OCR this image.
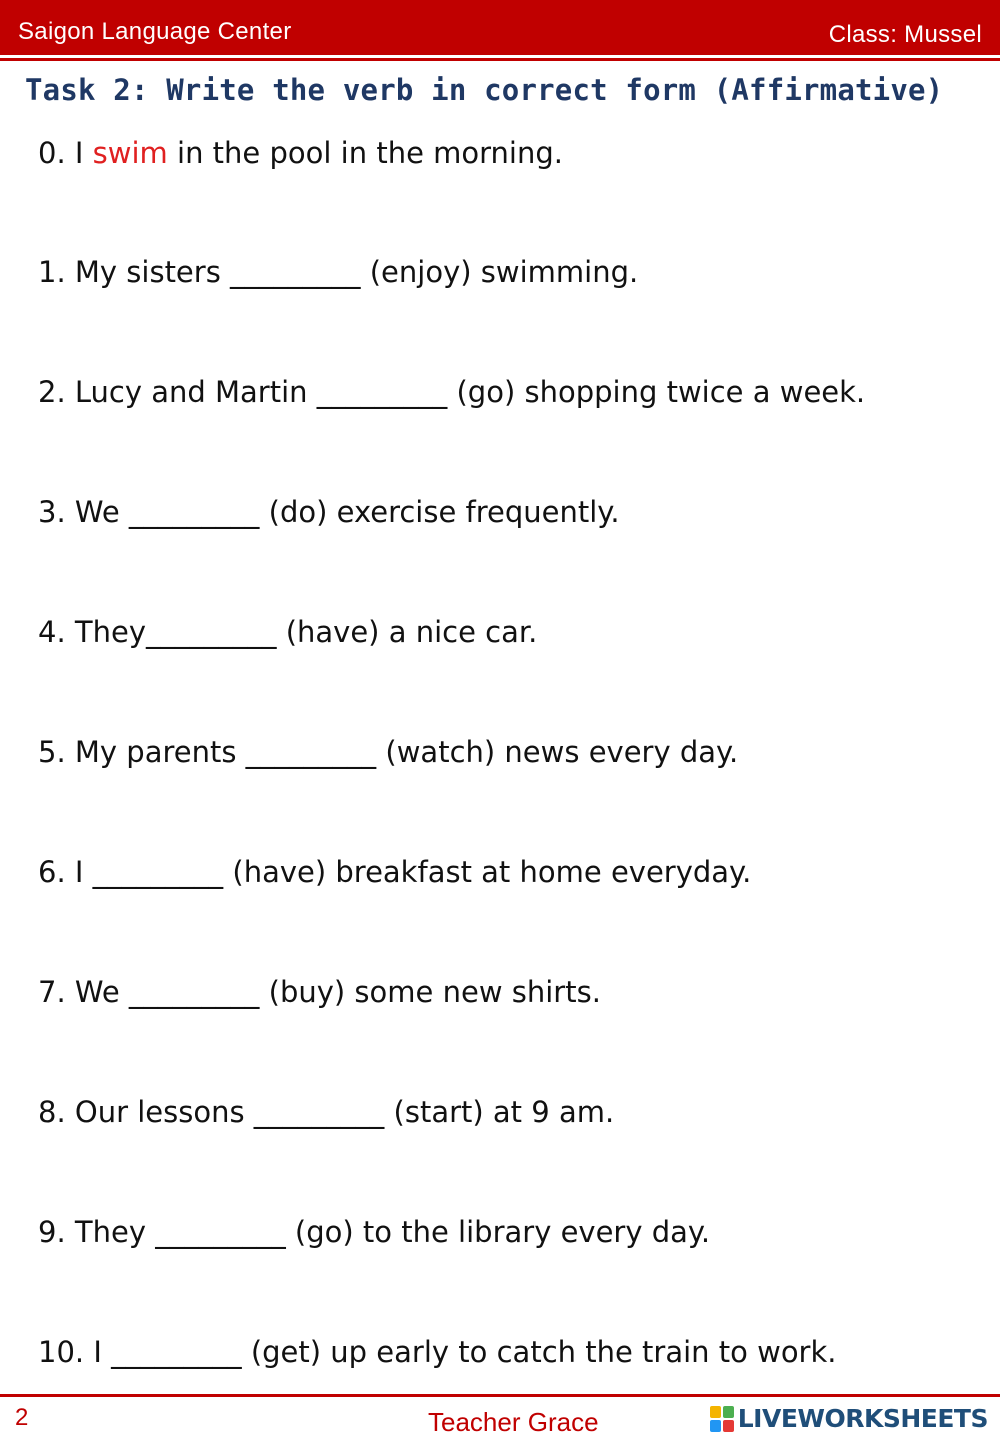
Saigon Language Center	Class: Mussel
Task 2: Write the verb in correct form (Affirmative)
0. I swim in the pool in the morning.
1. My sisters _________ (enjoy) swimming.
2. Lucy and Martin _________ (go) shopping twice a week.
3. We _________ (do) exercise frequently.
4. They_________ (have) a nice car.
5. My parents _________ (watch) news every day.
6. I _________ (have) breakfast at home everyday.
7. We _________ (buy) some new shirts.
8. Our lessons _________ (start) at 9 am.
9. They _________ (go) to the library every day.
10. I _________ (get) up early to catch the train to work.
2	Teacher Grace	LIVEWORKSHEETS
